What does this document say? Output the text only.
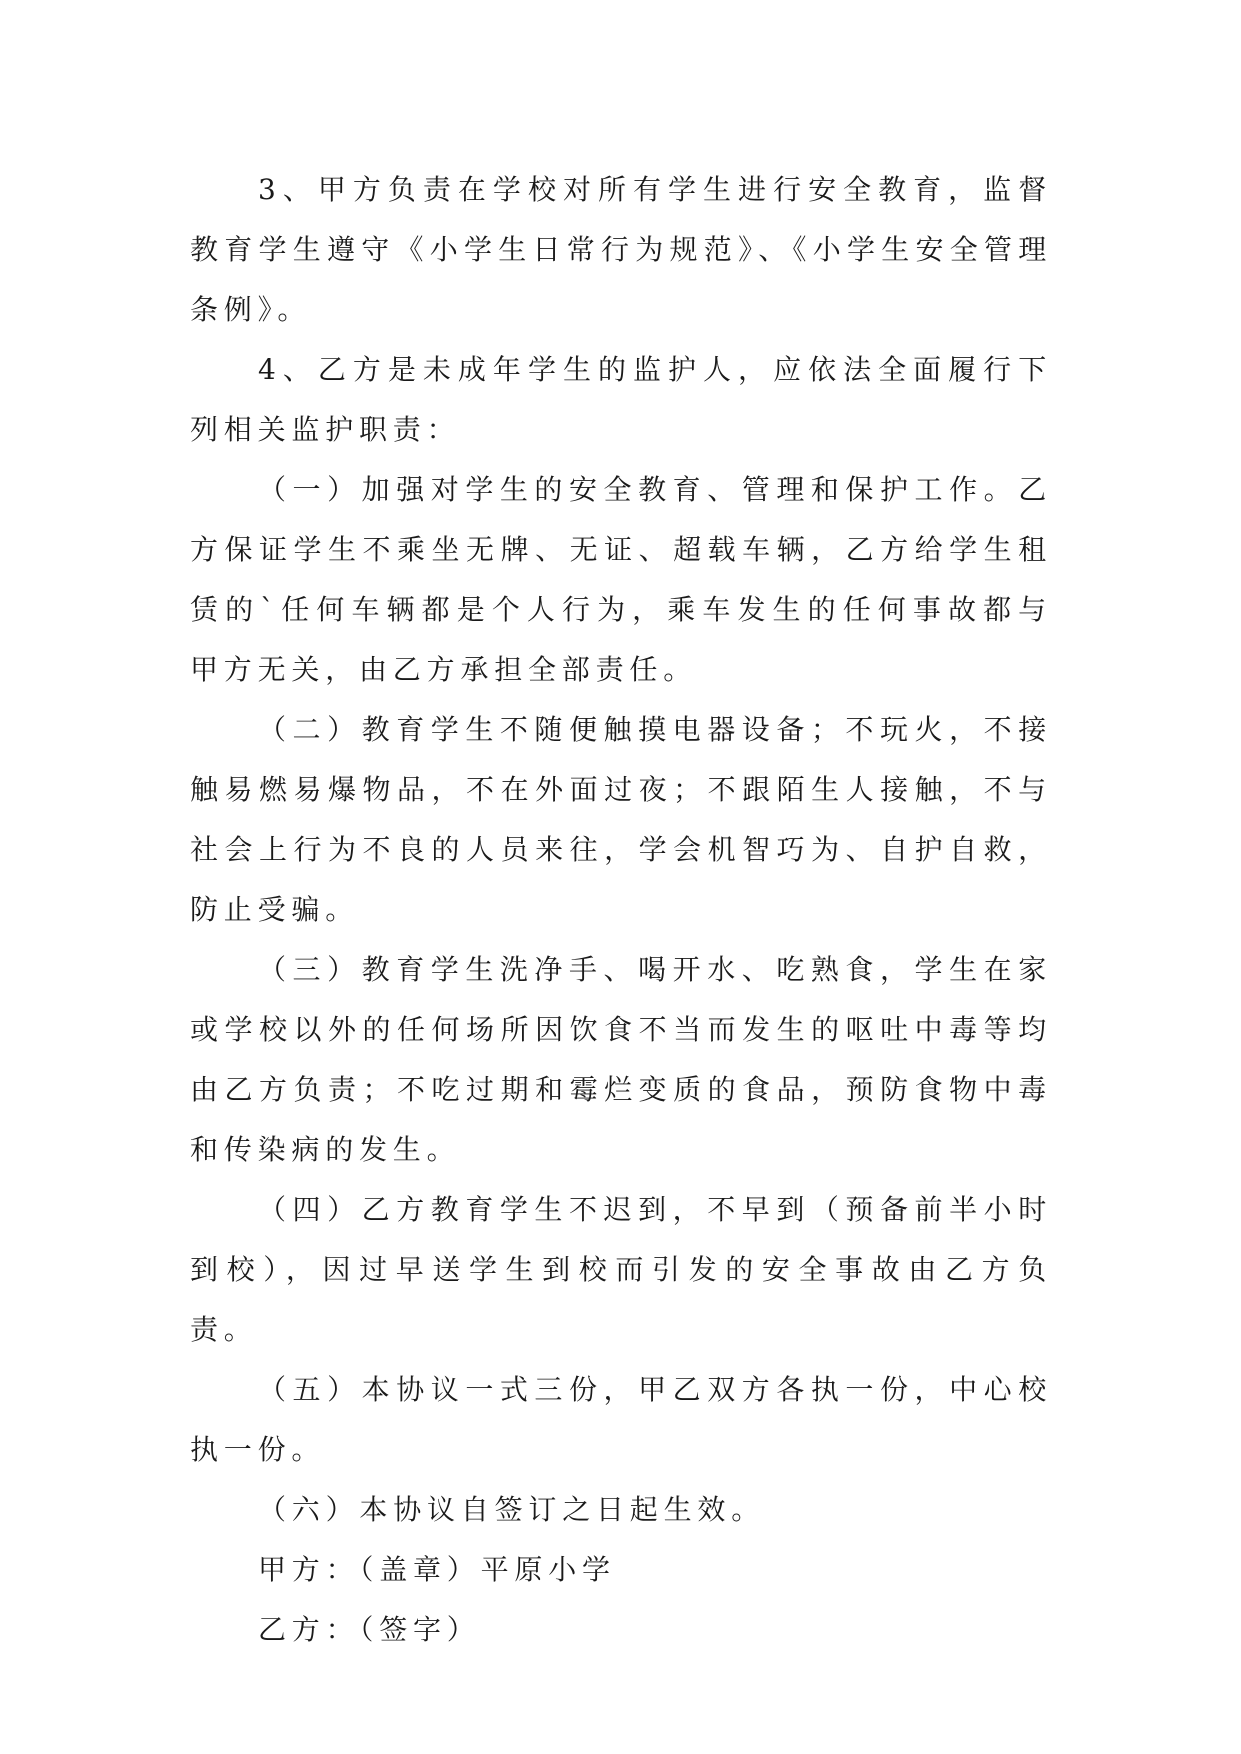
3、甲方负责在学校对所有学生进行安全教育，监督教育学生遵守《小学生日常行为规范》、《小学生安全管理条例》。

4、乙方是未成年学生的监护人，应依法全面履行下列相关监护职责：

（一）加强对学生的安全教育、管理和保护工作。乙方保证学生不乘坐无牌、无证、超载车辆，乙方给学生租赁的`任何车辆都是个人行为，乘车发生的任何事故都与甲方无关，由乙方承担全部责任。

（二）教育学生不随便触摸电器设备；不玩火，不接触易燃易爆物品，不在外面过夜；不跟陌生人接触，不与社会上行为不良的人员来往，学会机智巧为、自护自救，防止受骗。

（三）教育学生洗净手、喝开水、吃熟食，学生在家或学校以外的任何场所因饮食不当而发生的呕吐中毒等均由乙方负责；不吃过期和霉烂变质的食品，预防食物中毒和传染病的发生。

（四）乙方教育学生不迟到，不早到（预备前半小时到校），因过早送学生到校而引发的安全事故由乙方负责。

（五）本协议一式三份，甲乙双方各执一份，中心校执一份。

（六）本协议自签订之日起生效。

甲方：（盖章）平原小学

乙方：（签字）
